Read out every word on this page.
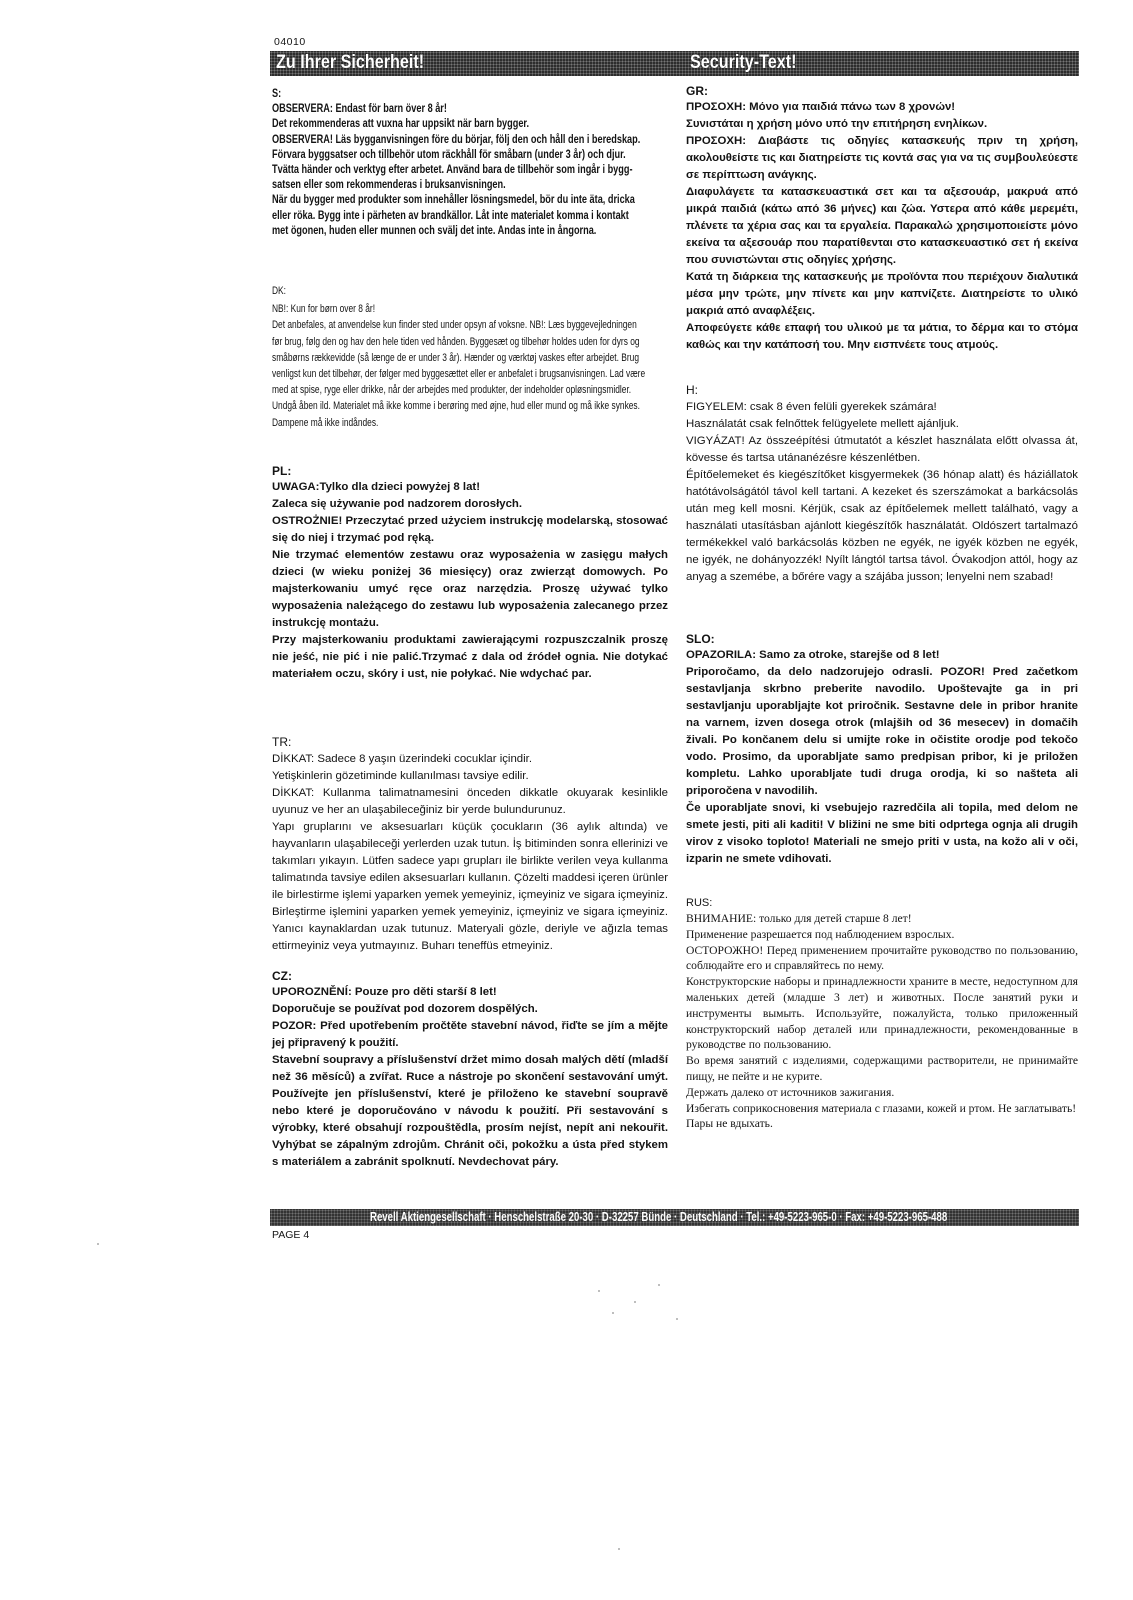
04010
Zu Ihrer Sicherheit!	Security-Text!
S:

OBSERVERA: Endast för barn över 8 år!

Det rekommenderas att vuxna har uppsikt när barn bygger.

OBSERVERA! Läs bygganvisningen före du börjar, följ den och håll den i beredskap.

Förvara byggsatser och tillbehör utom räckhåll för småbarn (under 3 år) och djur.

Tvätta händer och verktyg efter arbetet. Använd bara de tillbehör som ingår i bygg-

satsen eller som rekommenderas i bruksanvisningen.

När du bygger med produkter som innehåller lösningsmedel, bör du inte äta, dricka

eller röka. Bygg inte i pärheten av brandkällor. Låt inte materialet komma i kontakt

met ögonen, huden eller munnen och svälj det inte. Andas inte in ångorna.

DK:

NB!: Kun for børn over 8 år!

Det anbefales, at anvendelse kun finder sted under opsyn af voksne. NB!: Læs byggevejledningen

før brug, følg den og hav den hele tiden ved hånden. Byggesæt og tilbehør holdes uden for dyrs og

småbørns rækkevidde (så længe de er under 3 år). Hænder og værktøj vaskes efter arbejdet. Brug

venligst kun det tilbehør, der følger med byggesættet eller er anbefalet i brugsanvisningen. Lad være

med at spise, ryge eller drikke, når der arbejdes med produkter, der indeholder opløsningsmidler.

Undgå åben ild. Materialet må ikke komme i berøring med øjne, hud eller mund og må ikke synkes.

Dampene må ikke indåndes.

PL:

UWAGA:Tylko dla dzieci powyżej 8 lat!

Zaleca się używanie pod nadzorem dorosłych.

OSTROŻNIE! Przeczytać przed użyciem instrukcję modelarską, stosować się do niej i trzymać pod ręką.

Nie trzymać elementów zestawu oraz wyposażenia w zasięgu małych dzieci (w wieku poniżej 36 miesięcy) oraz zwierząt domowych. Po majsterkowaniu umyć ręce oraz narzędzia. Proszę używać tylko wyposażenia należącego do zestawu lub wyposażenia zalecanego przez instrukcję montażu.

Przy majsterkowaniu produktami zawierającymi rozpuszczalnik proszę nie jeść, nie pić i nie palić.Trzymać z dala od źródeł ognia. Nie dotykać materiałem oczu, skóry i ust, nie połykać. Nie wdychać par.

TR:

DİKKAT: Sadece 8 yaşın üzerindeki cocuklar içindir.

Yetişkinlerin gözetiminde kullanılması tavsiye edilir.

DİKKAT: Kullanma talimatnamesini önceden dikkatle okuyarak kesinlikle uyunuz ve her an ulaşabileceğiniz bir yerde bulundurunuz.

Yapı gruplarını ve aksesuarları küçük çocukların (36 aylık altında) ve hayvanların ulaşabileceği yerlerden uzak tutun. İş bitiminden sonra ellerinizi ve takımları yıkayın. Lütfen sadece yapı grupları ile birlikte verilen veya kullanma talimatında tavsiye edilen aksesuarları kullanın. Çözelti maddesi içeren ürünler ile birlestirme işlemi yaparken yemek yemeyiniz, içmeyiniz ve sigara içmeyiniz. Birleştirme işlemini yaparken yemek yemeyiniz, içmeyiniz ve sigara içmeyiniz. Yanıcı kaynaklardan uzak tutunuz. Materyali gözle, deriyle ve ağızla temas ettirmeyiniz veya yutmayınız. Buharı teneffüs etmeyiniz.

CZ:

UPOROZNĚNÍ: Pouze pro děti starší 8 let!

Doporučuje se používat pod dozorem dospělých.

POZOR: Před upotřebením pročtěte stavební návod, řiďte se jím a mějte jej připravený k použití.

Stavební soupravy a příslušenství držet mimo dosah malých dětí (mladší než 36 měsíců) a zvířat. Ruce a nástroje po skončení sestavování umýt. Používejte jen příslušenství, které je přiloženo ke stavební soupravě nebo které je doporučováno v návodu k použití. Při sestavování s výrobky, které obsahují rozpouštědla, prosím nejíst, nepít ani nekouřit. Vyhýbat se zápalným zdrojům. Chránit oči, pokožku a ústa před stykem s materiálem a zabránit spolknutí. Nevdechovat páry.

GR:

ΠΡΟΣΟΧΗ: Μόνο για παιδιά πάνω των 8 χρονών!

Συνιστάται η χρήση μόνο υπό την επιτήρηση ενηλίκων.

ΠΡΟΣΟΧΗ: Διαβάστε τις οδηγίες κατασκευής πριν τη χρήση, ακολουθείστε τις και διατηρείστε τις κοντά σας για να τις συμβουλεύεστε σε περίπτωση ανάγκης.

Διαφυλάγετε τα κατασκευαστικά σετ και τα αξεσουάρ, μακρυά από μικρά παιδιά (κάτω από 36 μήνες) και ζώα. Υστερα από κάθε μερεμέτι, πλένετε τα χέρια σας και τα εργαλεία. Παρακαλώ χρησιμοποιείστε μόνο εκείνα τα αξεσουάρ που παρατίθενται στο κατασκευαστικό σετ ή εκείνα που συνιστώνται στις οδηγίες χρήσης.

Κατά τη διάρκεια της κατασκευής με προϊόντα που περιέχουν διαλυτικά μέσα μην τρώτε, μην πίνετε και μην καπνίζετε. Διατηρείστε το υλικό μακριά από αναφλέξεις.

Αποφεύγετε κάθε επαφή του υλικού με τα μάτια, το δέρμα και το στόμα καθώς και την κατάποσή του. Μην εισπνέετε τους ατμούς.

H:

FIGYELEM: csak 8 éven felüli gyerekek számára!

Használatát csak felnőttek felügyelete mellett ajánljuk.

VIGYÁZAT! Az összeépítési útmutatót a készlet használata előtt olvassa át, kövesse és tartsa utánanézésre készenlétben.

Építőelemeket és kiegészítőket kisgyermekek (36 hónap alatt) és háziállatok hatótávolságától távol kell tartani. A kezeket és szerszámokat a barkácsolás után meg kell mosni. Kérjük, csak az építőelemek mellett található, vagy a használati utasításban ajánlott kiegészítők használatát. Oldószert tartalmazó termékekkel való barkácsolás közben ne egyék, ne igyék közben ne egyék, ne igyék, ne dohányozzék! Nyílt lángtól tartsa távol. Óvakodjon attól, hogy az anyag a szemébe, a bőrére vagy a szájába jusson; lenyelni nem szabad!

SLO:

OPAZORILA: Samo za otroke, starejše od 8 let!

Priporočamo, da delo nadzorujejo odrasli. POZOR! Pred začetkom sestavljanja skrbno preberite navodilo. Upoštevajte ga in pri sestavljanju uporabljajte kot priročnik. Sestavne dele in pribor hranite na varnem, izven dosega otrok (mlajših od 36 mesecev) in domačih živali. Po končanem delu si umijte roke in očistite orodje pod tekočo vodo. Prosimo, da uporabljate samo predpisan pribor, ki je priložen kompletu. Lahko uporabljate tudi druga orodja, ki so našteta ali priporočena v navodilih.

Če uporabljate snovi, ki vsebujejo razredčila ali topila, med delom ne smete jesti, piti ali kaditi! V bližini ne sme biti odprtega ognja ali drugih virov z visoko toploto! Materiali ne smejo priti v usta, na kožo ali v oči, izparin ne smete vdihovati.

RUS:

ВНИМАНИЕ: только для детей старше 8 лет!

Применение разрешается под наблюдением взрослых.

ОСТОРОЖНО! Перед применением прочитайте руководство по пользованию, соблюдайте его и справляйтесь по нему.

Конструкторские наборы и принадлежности храните в месте, недоступном для маленьких детей (младше 3 лет) и животных. После занятий руки и инструменты вымыть. Используйте, пожалуйста, только приложенный конструкторский набор деталей или принадлежности, рекомендованные в руководстве по пользованию.

Во время занятий с изделиями, содержащими растворители, не принимайте пищу, не пейте и не курите.

Держать далеко от источников зажигания.

Избегать соприкосновения материала с глазами, кожей и ртом. Не заглатывать!

Пары не вдыхать.

Revell Aktiengesellschaft · Henschelstraße 20-30 · D-32257 Bünde · Deutschland · Tel.: +49-5223-965-0 · Fax: +49-5223-965-488
PAGE 4
